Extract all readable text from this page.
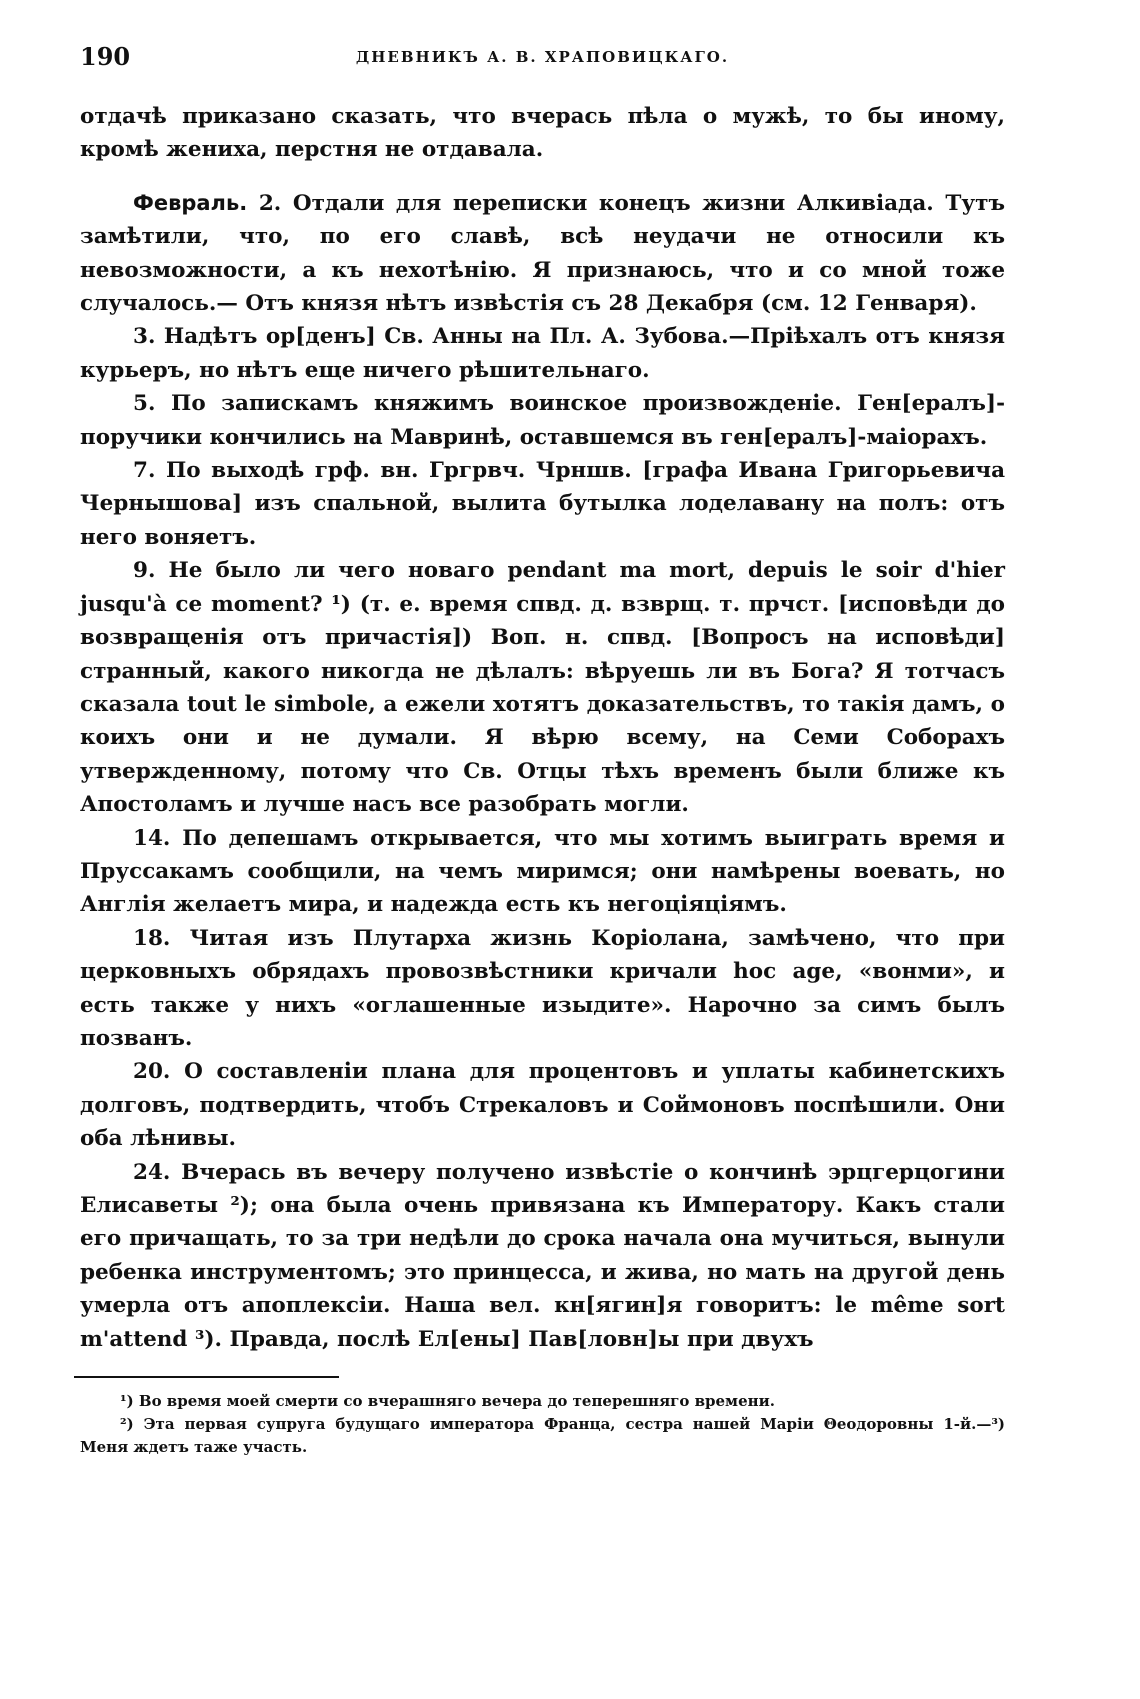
190	ДНЕВНИКЪ А. В. ХРАПОВИЦКАГО.

отдачѣ приказано сказать, что вчерась пѣла о мужѣ, то бы иному, кромѣ жениха, перстня не отдавала.

Февраль. 2. Отдали для переписки конецъ жизни Алкивіада. Тутъ замѣтили, что, по его славѣ, всѣ неудачи не относили къ невозможности, а къ нехотѣнію. Я признаюсь, что и со мной тоже случалось.— Отъ князя нѣтъ извѣстія съ 28 Декабря (см. 12 Генваря).

3. Надѣтъ ор[денъ] Св. Анны на Пл. А. Зубова.—Пріѣхалъ отъ князя курьеръ, но нѣтъ еще ничего рѣшительнаго.

5. По запискамъ княжимъ воинское произвожденіе. Ген[ералъ]-поручики кончились на Мавринѣ, оставшемся въ ген[ералъ]-маіорахъ.

7. По выходѣ грф. вн. Гргрвч. Чрншв. [графа Ивана Григорьевича Чернышова] изъ спальной, вылита бутылка лоделавану на полъ: отъ него воняетъ.

9. Не было ли чего новаго pendant ma mort, depuis le soir d'hier jusqu'à ce moment? ¹) (т. е. время спвд. д. взврщ. т. прчст. [исповѣди до возвращенія отъ причастія]) Воп. н. спвд. [Вопросъ на исповѣди] странный, какого никогда не дѣлалъ: вѣруешь ли въ Бога? Я тотчасъ сказала tout le simbole, а ежели хотятъ доказательствъ, то такія дамъ, о коихъ они и не думали. Я вѣрю всему, на Семи Соборахъ утвержденному, потому что Св. Отцы тѣхъ временъ были ближе къ Апостоламъ и лучше насъ все разобрать могли.

14. По депешамъ открывается, что мы хотимъ выиграть время и Пруссакамъ сообщили, на чемъ миримся; они намѣрены воевать, но Англія желаетъ мира, и надежда есть къ негоціяціямъ.

18. Читая изъ Плутарха жизнь Коріолана, замѣчено, что при церковныхъ обрядахъ провозвѣстники кричали hoc age, «вонми», и есть также у нихъ «оглашенные изыдите». Нарочно за симъ былъ позванъ.

20. О составленіи плана для процентовъ и уплаты кабинетскихъ долговъ, подтвердить, чтобъ Стрекаловъ и Соймоновъ поспѣшили. Они оба лѣнивы.

24. Вчерась въ вечеру получено извѣстіе о кончинѣ эрцгерцогини Елисаветы ²); она была очень привязана къ Императору. Какъ стали его причащать, то за три недѣли до срока начала она мучиться, вынули ребенка инструментомъ; это принцесса, и жива, но мать на другой день умерла отъ апоплексіи. Наша вел. кн[ягин]я говоритъ: le même sort m'attend ³). Правда, послѣ Ел[ены] Пав[ловн]ы при двухъ

¹) Во время моей смерти со вчерашняго вечера до теперешняго времени.

²) Эта первая супруга будущаго императора Франца, сестра нашей Маріи Θеодоровны 1-й.—³) Меня ждетъ таже участь.
